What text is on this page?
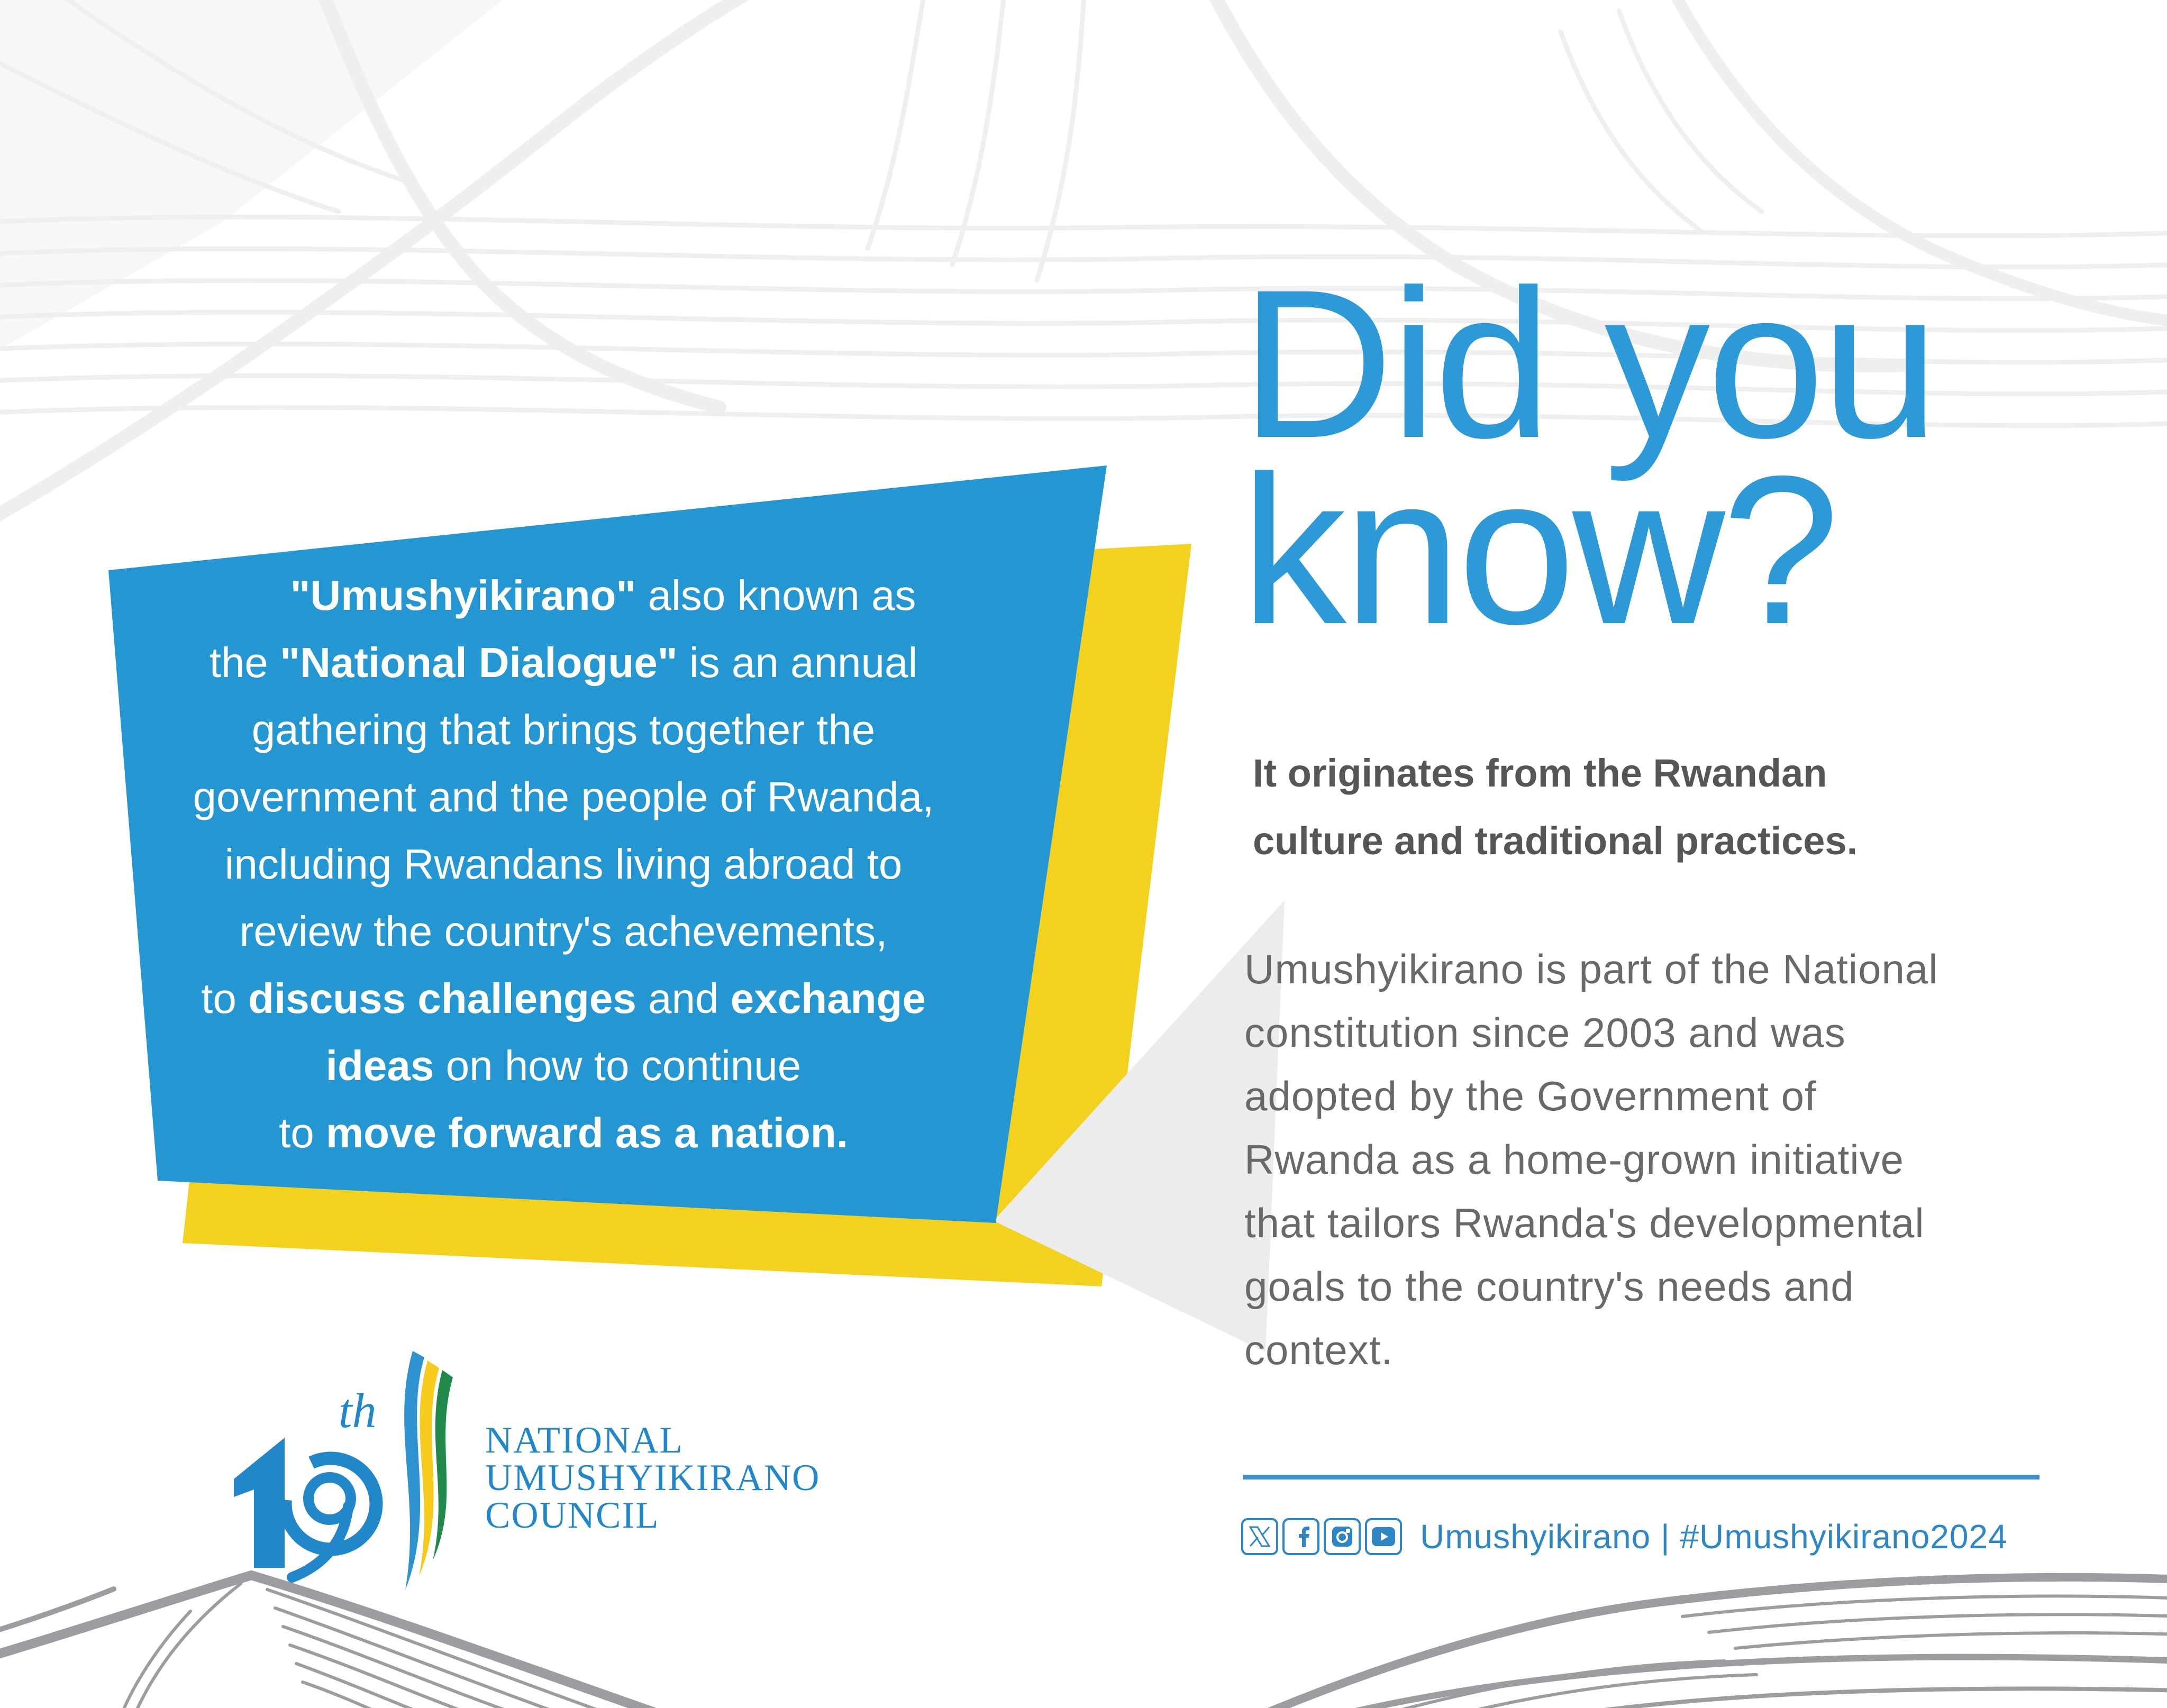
"Umushyikirano" also known as
the "National Dialogue" is an annual
gathering that brings together the
government and the people of Rwanda,
including Rwandans living abroad to
review the country's achevements,
to discuss challenges and exchange
ideas on how to continue
to move forward as a nation.
Did you
know?
It originates from the Rwandan
culture and traditional practices.
Umushyikirano is part of the National
constitution since 2003 and was
adopted by the Government of
Rwanda as a home-grown initiative
that tailors Rwanda's developmental
goals to the country's needs and
context.
Umushyikirano | #Umushyikirano2024
th
NATIONAL
UMUSHYIKIRANO
COUNCIL
